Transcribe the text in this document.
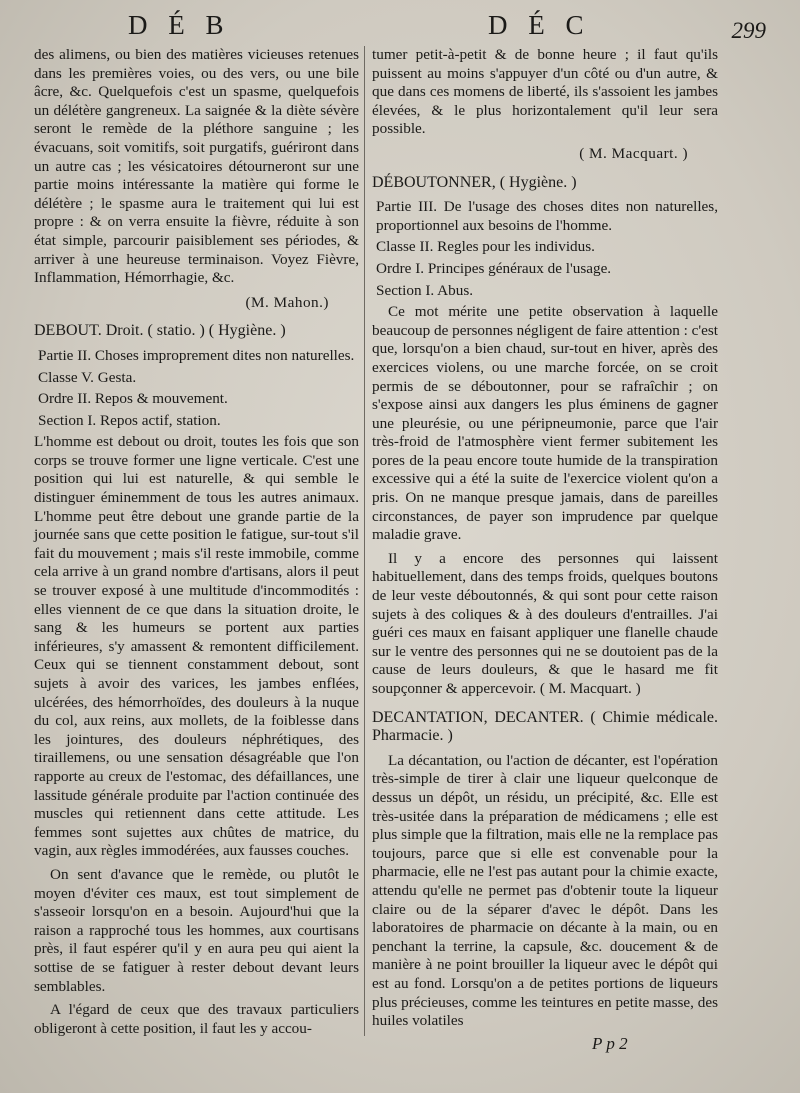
D É B	D É C	299

des alimens, ou bien des matières vicieuses retenues dans les premières voies, ou des vers, ou une bile âcre, &c. Quelquefois c'est un spasme, quelquefois un délétère gangreneux. La saignée & la diète sévère seront le remède de la pléthore sanguine ; les évacuans, soit vomitifs, soit purgatifs, guériront dans un autre cas ; les vésicatoires détourneront sur une partie moins intéressante la matière qui forme le délétère ; le spasme aura le traitement qui lui est propre : & on verra ensuite la fièvre, réduite à son état simple, parcourir paisiblement ses périodes, & arriver à une heureuse terminaison. Voyez Fièvre, Inflammation, Hémorrhagie, &c.

(M. Mahon.)

DEBOUT. Droit. ( statio. ) ( Hygiène. )

Partie II. Choses improprement dites non naturelles.

Classe V. Gesta.

Ordre II. Repos & mouvement.

Section I. Repos actif, station.

L'homme est debout ou droit, toutes les fois que son corps se trouve former une ligne verticale. C'est une position qui lui est naturelle, & qui semble le distinguer éminemment de tous les autres animaux. L'homme peut être debout une grande partie de la journée sans que cette position le fatigue, sur-tout s'il fait du mouvement ; mais s'il reste immobile, comme cela arrive à un grand nombre d'artisans, alors il peut se trouver exposé à une multitude d'incommodités : elles viennent de ce que dans la situation droite, le sang & les humeurs se portent aux parties inférieures, s'y amassent & remontent difficilement. Ceux qui se tiennent constamment debout, sont sujets à avoir des varices, les jambes enflées, ulcérées, des hémorrhoïdes, des douleurs à la nuque du col, aux reins, aux mollets, de la foiblesse dans les jointures, des douleurs néphrétiques, des tiraillemens, ou une sensation désagréable que l'on rapporte au creux de l'estomac, des défaillances, une lassitude générale produite par l'action continuée des muscles qui retiennent dans cette attitude. Les femmes sont sujettes aux chûtes de matrice, du vagin, aux règles immodérées, aux fausses couches.

On sent d'avance que le remède, ou plutôt le moyen d'éviter ces maux, est tout simplement de s'asseoir lorsqu'on en a besoin. Aujourd'hui que la raison a rapproché tous les hommes, aux courtisans près, il faut espérer qu'il y en aura peu qui aient la sottise de se fatiguer à rester debout devant leurs semblables.

A l'égard de ceux que des travaux particuliers obligeront à cette position, il faut les y accou-

tumer petit-à-petit & de bonne heure ; il faut qu'ils puissent au moins s'appuyer d'un côté ou d'un autre, & que dans ces momens de liberté, ils s'assoient les jambes élevées, & le plus horizontalement qu'il leur sera possible.

( M. Macquart. )

DÉBOUTONNER, ( Hygiène. )

Partie III. De l'usage des choses dites non naturelles, proportionnel aux besoins de l'homme.

Classe II. Regles pour les individus.

Ordre I. Principes généraux de l'usage.

Section I. Abus.

Ce mot mérite une petite observation à laquelle beaucoup de personnes négligent de faire attention : c'est que, lorsqu'on a bien chaud, sur-tout en hiver, après des exercices violens, ou une marche forcée, on se croit permis de se déboutonner, pour se rafraîchir ; on s'expose ainsi aux dangers les plus éminens de gagner une pleurésie, ou une péripneumonie, parce que l'air très-froid de l'atmosphère vient fermer subitement les pores de la peau encore toute humide de la transpiration excessive qui a été la suite de l'exercice violent qu'on a pris. On ne manque presque jamais, dans de pareilles circonstances, de payer son imprudence par quelque maladie grave.

Il y a encore des personnes qui laissent habituellement, dans des temps froids, quelques boutons de leur veste déboutonnés, & qui sont pour cette raison sujets à des coliques & à des douleurs d'entrailles. J'ai guéri ces maux en faisant appliquer une flanelle chaude sur le ventre des personnes qui ne se doutoient pas de la cause de leurs douleurs, & que le hasard me fit soupçonner & appercevoir. ( M. Macquart. )

DECANTATION, DECANTER. ( Chimie médicale. Pharmacie. )

La décantation, ou l'action de décanter, est l'opération très-simple de tirer à clair une liqueur quelconque de dessus un dépôt, un résidu, un précipité, &c. Elle est très-usitée dans la préparation de médicamens ; elle est plus simple que la filtration, mais elle ne la remplace pas toujours, parce que si elle est convenable pour la pharmacie, elle ne l'est pas autant pour la chimie exacte, attendu qu'elle ne permet pas d'obtenir toute la liqueur claire ou de la séparer d'avec le dépôt. Dans les laboratoires de pharmacie on décante à la main, ou en penchant la terrine, la capsule, &c. doucement & de manière à ne point brouiller la liqueur avec le dépôt qui est au fond. Lorsqu'on a de petites portions de liqueurs plus précieuses, comme les teintures en petite masse, des huiles volatiles

P p 2
